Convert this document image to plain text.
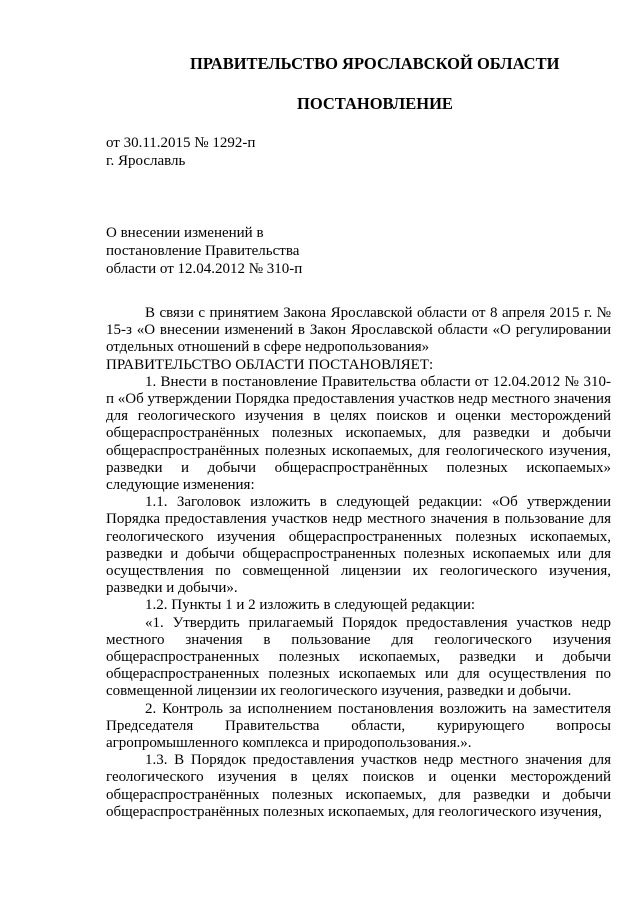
ПРАВИТЕЛЬСТВО ЯРОСЛАВСКОЙ ОБЛАСТИ
ПОСТАНОВЛЕНИЕ
от 30.11.2015 № 1292-п
г. Ярославль
О внесении изменений в
постановление Правительства
области от 12.04.2012 № 310-п

В связи с принятием Закона Ярославской области от 8 апреля 2015 г. № 15-з «О внесении изменений в Закон Ярославской области «О регулировании отдельных отношений в сфере недропользования»

ПРАВИТЕЛЬСТВО ОБЛАСТИ ПОСТАНОВЛЯЕТ:

1. Внести в постановление Правительства области от 12.04.2012 № 310-п «Об утверждении Порядка предоставления участков недр местного значения для геологического изучения в целях поисков и оценки месторождений общераспространённых полезных ископаемых, для разведки и добычи общераспространённых полезных ископаемых, для геологического изучения, разведки и добычи общераспространённых полезных ископаемых» следующие изменения:

1.1. Заголовок изложить в следующей редакции: «Об утверждении Порядка предоставления участков недр местного значения в пользование для геологического изучения общераспространенных полезных ископаемых, разведки и добычи общераспространенных полезных ископаемых или для осуществления по совмещенной лицензии их геологического изучения, разведки и добычи».

1.2. Пункты 1 и 2 изложить в следующей редакции:

«1. Утвердить прилагаемый Порядок предоставления участков недр местного значения в пользование для геологического изучения общераспространенных полезных ископаемых, разведки и добычи общераспространенных полезных ископаемых или для осуществления по совмещенной лицензии их геологического изучения, разведки и добычи.

2. Контроль за исполнением постановления возложить на заместителя Председателя Правительства области, курирующего вопросы агропромышленного комплекса и природопользования.».

1.3. В Порядок предоставления участков недр местного значения для геологического изучения в целях поисков и оценки месторождений общераспространённых полезных ископаемых, для разведки и добычи общераспространённых полезных ископаемых, для геологического изучения,
